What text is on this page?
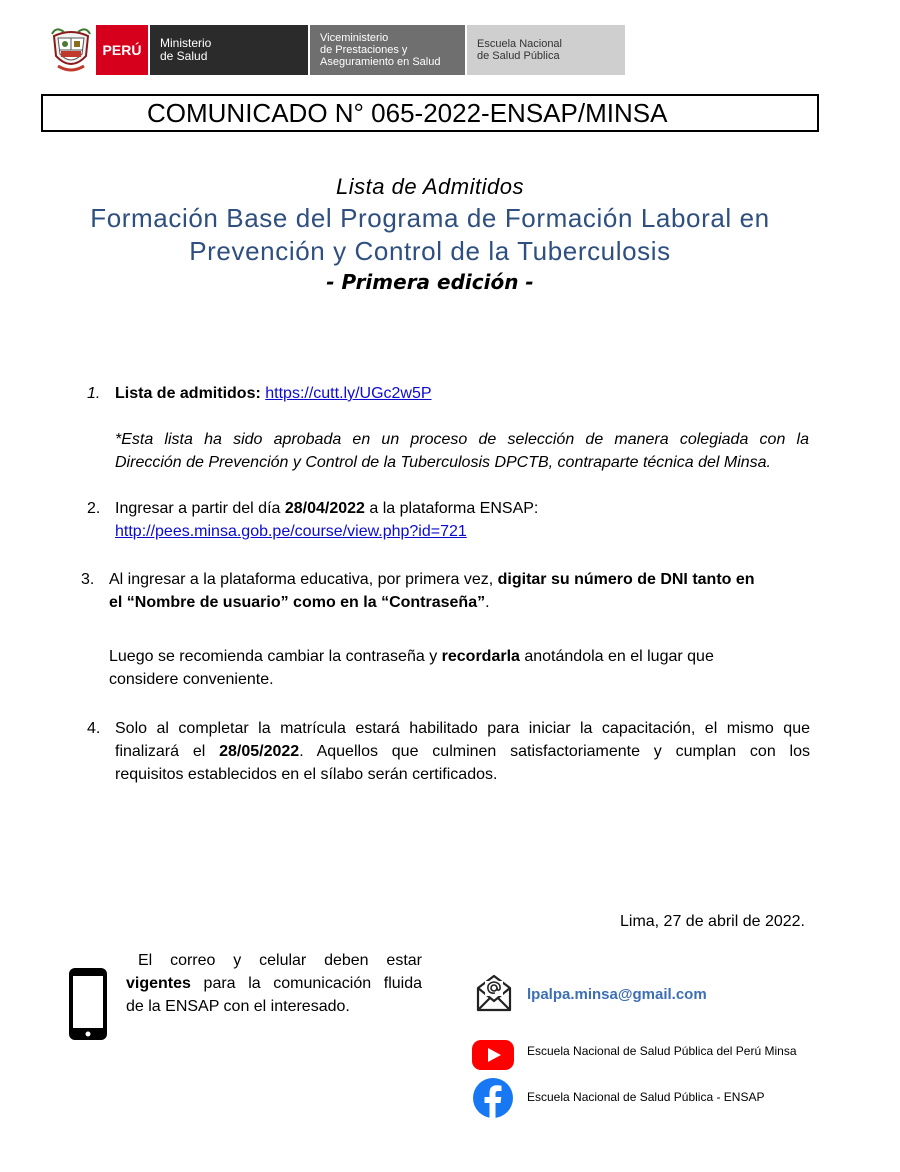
PERÚ Ministerio
de Salud
Viceministerio
de Prestaciones y
Aseguramiento en Salud
Escuela Nacional
de Salud Pública
COMUNICADO N° 065-2022-ENSAP/MINSA
Lista de Admitidos
Formación Base del Programa de Formación Laboral en
Prevención y Control de la Tuberculosis
- Primera edición -
1. Lista de admitidos: https://cutt.ly/UGc2w5P
*Esta lista ha sido aprobada en un proceso de selección de manera colegiada con la
Dirección de Prevención y Control de la Tuberculosis DPCTB, contraparte técnica del Minsa.
2. Ingresar a partir del día 28/04/2022 a la plataforma ENSAP:
http://pees.minsa.gob.pe/course/view.php?id=721
3. Al ingresar a la plataforma educativa, por primera vez, digitar su número de DNI tanto en
el “Nombre de usuario” como en la “Contraseña”.
Luego se recomienda cambiar la contraseña y recordarla anotándola en el lugar que
considere conveniente.
4. Solo al completar la matrícula estará habilitado para iniciar la capacitación, el mismo que
finalizará el 28/05/2022. Aquellos que culminen satisfactoriamente y cumplan con los
requisitos establecidos en el sílabo serán certificados.
Lima, 27 de abril de 2022.
El correo y celular deben estar
vigentes para la comunicación fluida
de la ENSAP con el interesado.
lpalpa.minsa@gmail.com
Escuela Nacional de Salud Pública del Perú Minsa
Escuela Nacional de Salud Pública - ENSAP
